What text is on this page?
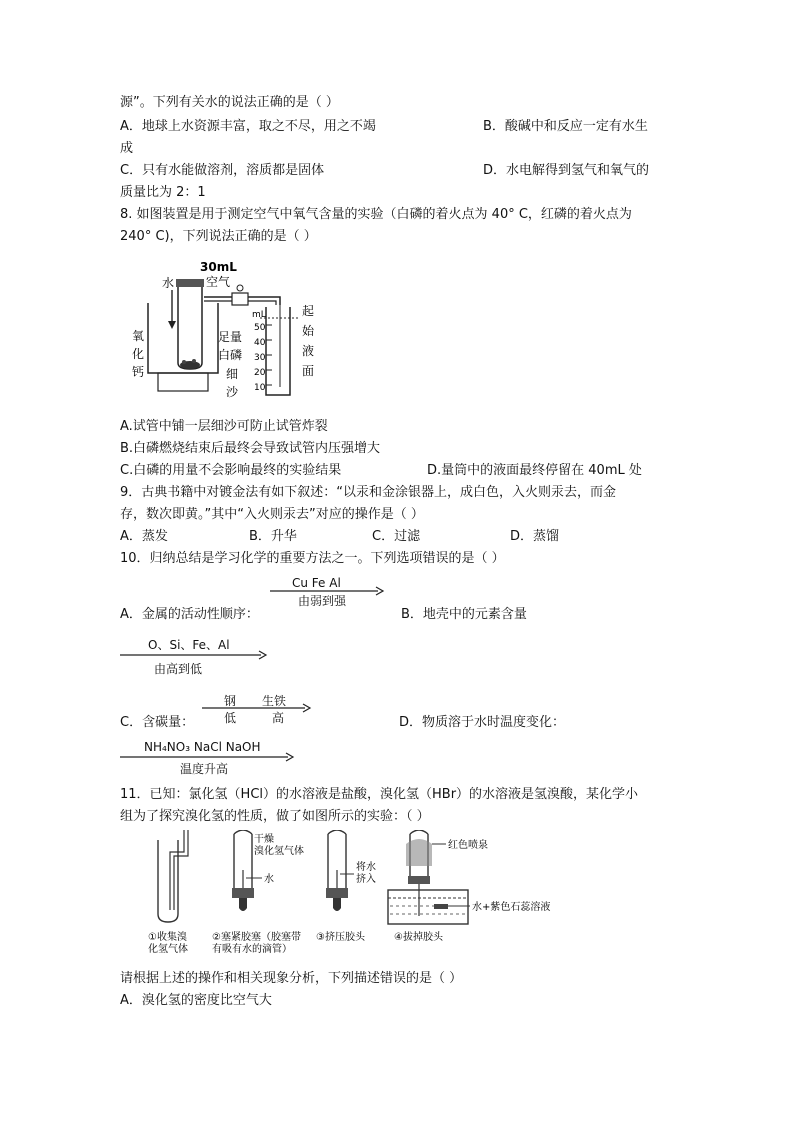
源”。下列有关水的说法正确的是（ ）
A．地球上水资源丰富，取之不尽，用之不竭	B．酸碱中和反应一定有水生
成
C．只有水能做溶剂，溶质都是固体	D．水电解得到氢气和氧气的
质量比为 2：1
8. 如图装置是用于测定空气中氧气含量的实验（白磷的着火点为 40° C，红磷的着火点为
240° C)，下列说法正确的是（ ）
30mL
空气
水
氧
化
钙
足量
白磷
细
沙
mL
50
40
30
20
10
起
始
液
面
A.试管中铺一层细沙可防止试管炸裂
B.白磷燃烧结束后最终会导致试管内压强增大
C.白磷的用量不会影响最终的实验结果	D.量筒中的液面最终停留在 40mL 处
9．古典书籍中对镀金法有如下叙述：“以汞和金涂银器上，成白色，入火则汞去，而金
存，数次即黄。”其中“入火则汞去”对应的操作是（ ）
A．蒸发	B．升华	C．过滤	D．蒸馏
10．归纳总结是学习化学的重要方法之一。下列选项错误的是（ ）
Cu Fe Al
由弱到强
A．金属的活动性顺序：	B．地壳中的元素含量
O、Si、Fe、Al
由高到低
钢 生铁
C．含碳量： 低	高	D．物质溶于水时温度变化：
NH₄NO₃ NaCl NaOH
温度升高
11．已知：氯化氢（HCl）的水溶液是盐酸，溴化氢（HBr）的水溶液是氢溴酸，某化学小
组为了探究溴化氢的性质，做了如图所示的实验：（ ）
干燥
溴化氢气体
水
将水
挤入
红色喷泉
水+紫色石蕊溶液
①收集溴
化氢气体
②塞紧胶塞（胶塞带
有吸有水的滴管）
③挤压胶头	④拔掉胶头
请根据上述的操作和相关现象分析，下列描述错误的是（ ）
A．溴化氢的密度比空气大
